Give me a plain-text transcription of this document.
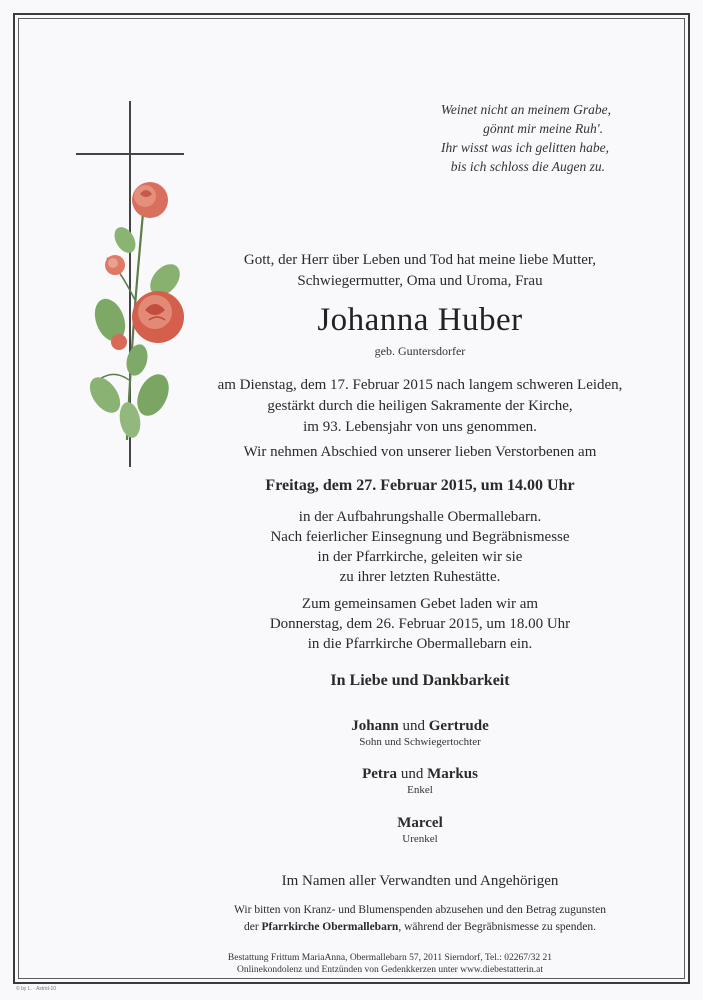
Weinet nicht an meinem Grabe,
gönnt mir meine Ruh'.
Ihr wisst was ich gelitten habe,
bis ich schloss die Augen zu.
Gott, der Herr über Leben und Tod hat meine liebe Mutter,
Schwiegermutter, Oma und Uroma, Frau
Johanna Huber
geb. Guntersdorfer
am Dienstag, dem 17. Februar 2015 nach langem schweren Leiden,
gestärkt durch die heiligen Sakramente der Kirche,
im 93. Lebensjahr von uns genommen.
Wir nehmen Abschied von unserer lieben Verstorbenen am
Freitag, dem 27. Februar 2015, um 14.00 Uhr
in der Aufbahrungshalle Obermallebarn.
Nach feierlicher Einsegnung und Begräbnismesse
in der Pfarrkirche, geleiten wir sie
zu ihrer letzten Ruhestätte.
Zum gemeinsamen Gebet laden wir am
Donnerstag, dem 26. Februar 2015, um 18.00 Uhr
in die Pfarrkirche Obermallebarn ein.
In Liebe und Dankbarkeit
Johann und Gertrude
Sohn und Schwiegertochter
Petra und Markus
Enkel
Marcel
Urenkel
Im Namen aller Verwandten und Angehörigen
Wir bitten von Kranz- und Blumenspenden abzusehen und den Betrag zugunsten
der Pfarrkirche Obermallebarn, während der Begräbnismesse zu spenden.
Bestattung Frittum MariaAnna, Obermallebarn 57, 2011 Sierndorf, Tel.: 02267/32 21
Onlinekondolenz und Entzünden von Gedenkkerzen unter www.diebestatterin.at
© by L. · Astrid-10
